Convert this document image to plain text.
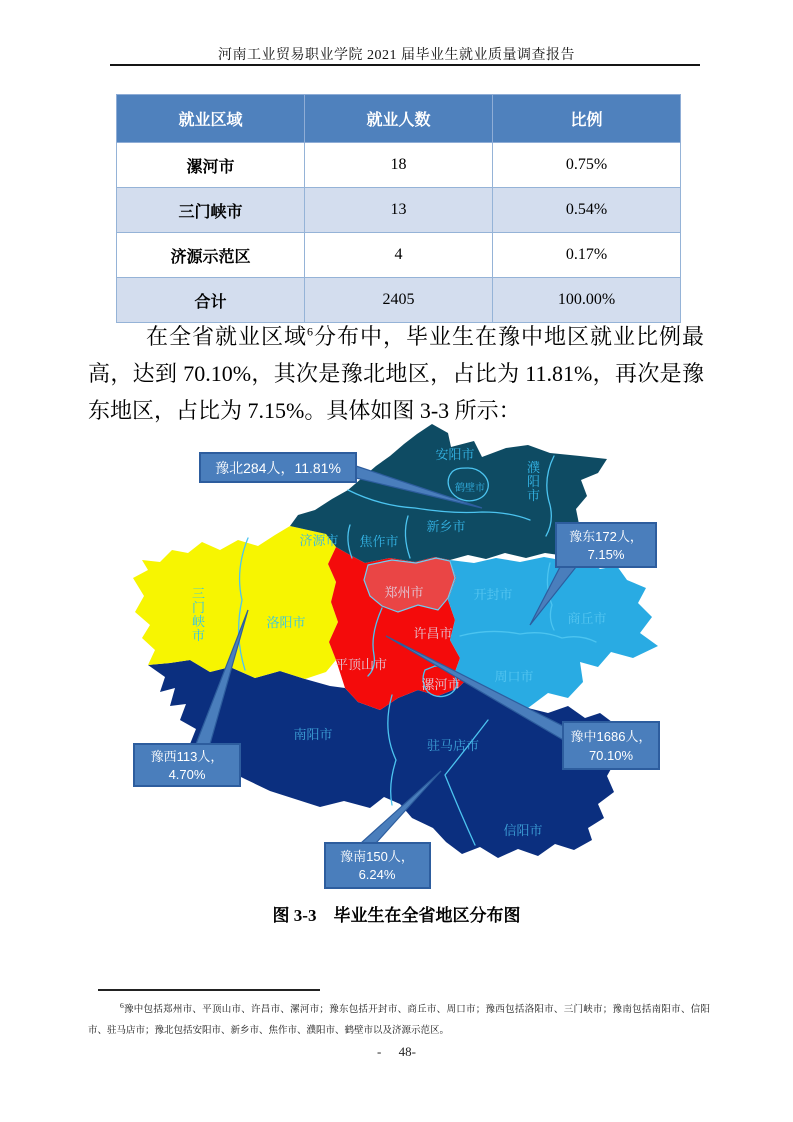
河南工业贸易职业学院 2021 届毕业生就业质量调查报告
就业区域	就业人数	比例
漯河市	18	0.75%
三门峡市	13	0.54%
济源示范区	4	0.17%
合计	2405	100.00%
在全省就业区域$^6$分布中，毕业生在豫中地区就业比例最高，达到 70.10%，其次是豫北地区，占比为 11.81%，再次是豫东地区，占比为 7.15%。具体如图 3-3 所示：
安阳市
濮阳市
鹤壁市
新乡市
焦作市
济源市
三门峡市
洛阳市
郑州市
许昌市
平顶山市
漯河市
开封市
商丘市
周口市
南阳市
驻马店市
信阳市
豫北284人，11.81%
豫东172人，
7.15%
豫西113人，
4.70%
豫中1686人，
70.10%
豫南150人，
6.24%
图 3-3　毕业生在全省地区分布图
$^6$豫中包括郑州市、平顶山市、许昌市、漯河市；豫东包括开封市、商丘市、周口市；豫西包括洛阳市、三门峡市；豫南包括南阳市、信阳市、驻马店市；豫北包括安阳市、新乡市、焦作市、濮阳市、鹤壁市以及济源示范区。
- 48-
